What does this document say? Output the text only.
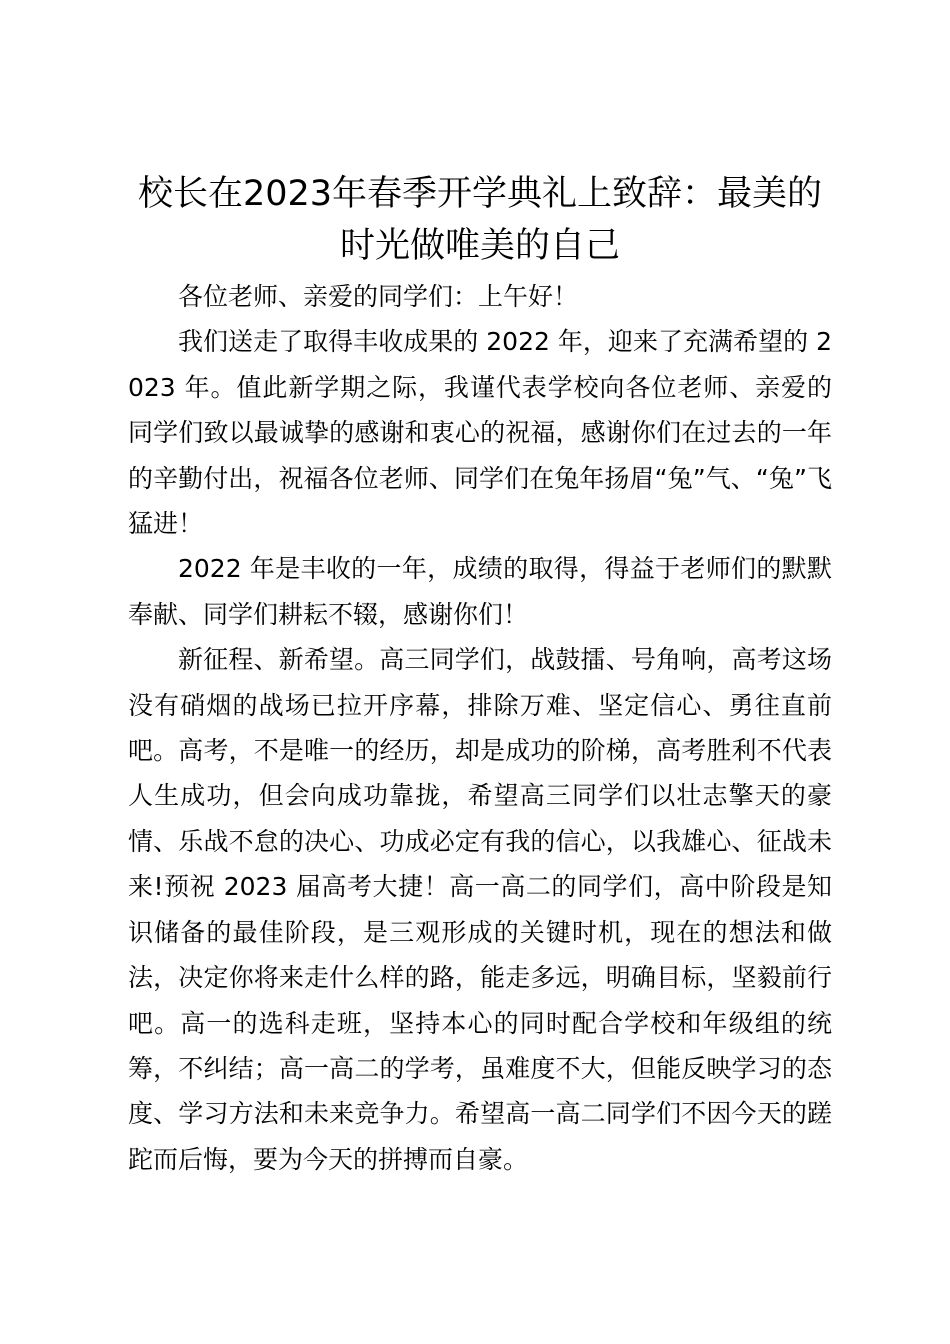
校长在2023年春季开学典礼上致辞：最美的
时光做唯美的自己

各位老师、亲爱的同学们：上午好！

我们送走了取得丰收成果的 2022 年，迎来了充满希望的 2023 年。值此新学期之际，我谨代表学校向各位老师、亲爱的同学们致以最诚挚的感谢和衷心的祝福，感谢你们在过去的一年的辛勤付出，祝福各位老师、同学们在兔年扬眉“兔”气、“兔”飞猛进！

2022 年是丰收的一年，成绩的取得，得益于老师们的默默奉献、同学们耕耘不辍，感谢你们！

新征程、新希望。高三同学们，战鼓擂、号角响，高考这场没有硝烟的战场已拉开序幕，排除万难、坚定信心、勇往直前吧。高考，不是唯一的经历，却是成功的阶梯，高考胜利不代表人生成功，但会向成功靠拢，希望高三同学们以壮志擎天的豪情、乐战不怠的决心、功成必定有我的信心，以我雄心、征战未来!预祝 2023 届高考大捷！高一高二的同学们，高中阶段是知识储备的最佳阶段，是三观形成的关键时机，现在的想法和做法，决定你将来走什么样的路，能走多远，明确目标，坚毅前行吧。高一的选科走班，坚持本心的同时配合学校和年级组的统筹，不纠结；高一高二的学考，虽难度不大，但能反映学习的态度、学习方法和未来竞争力。希望高一高二同学们不因今天的蹉跎而后悔，要为今天的拼搏而自豪。
